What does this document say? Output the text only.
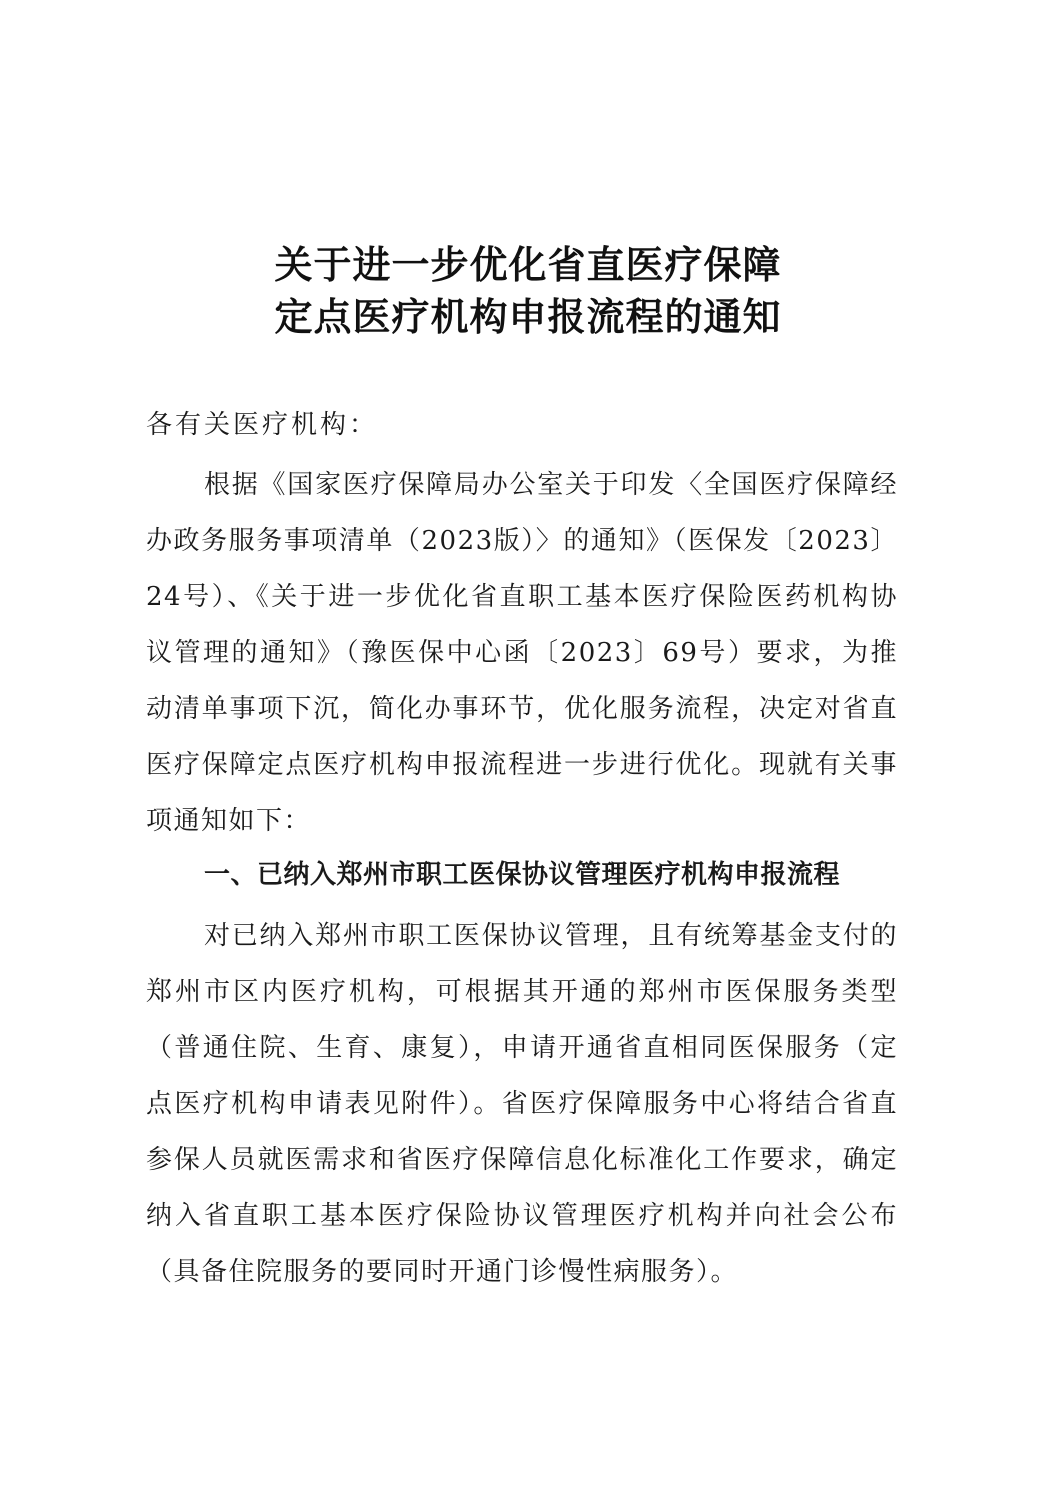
关于进一步优化省直医疗保障
定点医疗机构申报流程的通知
各有关医疗机构：
根据《国家医疗保障局办公室关于印发〈全国医疗保障经办政务服务事项清单（2023版）〉的通知》（医保发〔2023〕24号）、《关于进一步优化省直职工基本医疗保险医药机构协议管理的通知》（豫医保中心函〔2023〕69号）要求，为推动清单事项下沉，简化办事环节，优化服务流程，决定对省直医疗保障定点医疗机构申报流程进一步进行优化。现就有关事项通知如下：
一、已纳入郑州市职工医保协议管理医疗机构申报流程
对已纳入郑州市职工医保协议管理，且有统筹基金支付的郑州市区内医疗机构，可根据其开通的郑州市医保服务类型（普通住院、生育、康复），申请开通省直相同医保服务（定点医疗机构申请表见附件）。省医疗保障服务中心将结合省直参保人员就医需求和省医疗保障信息化标准化工作要求，确定纳入省直职工基本医疗保险协议管理医疗机构并向社会公布（具备住院服务的要同时开通门诊慢性病服务）。
